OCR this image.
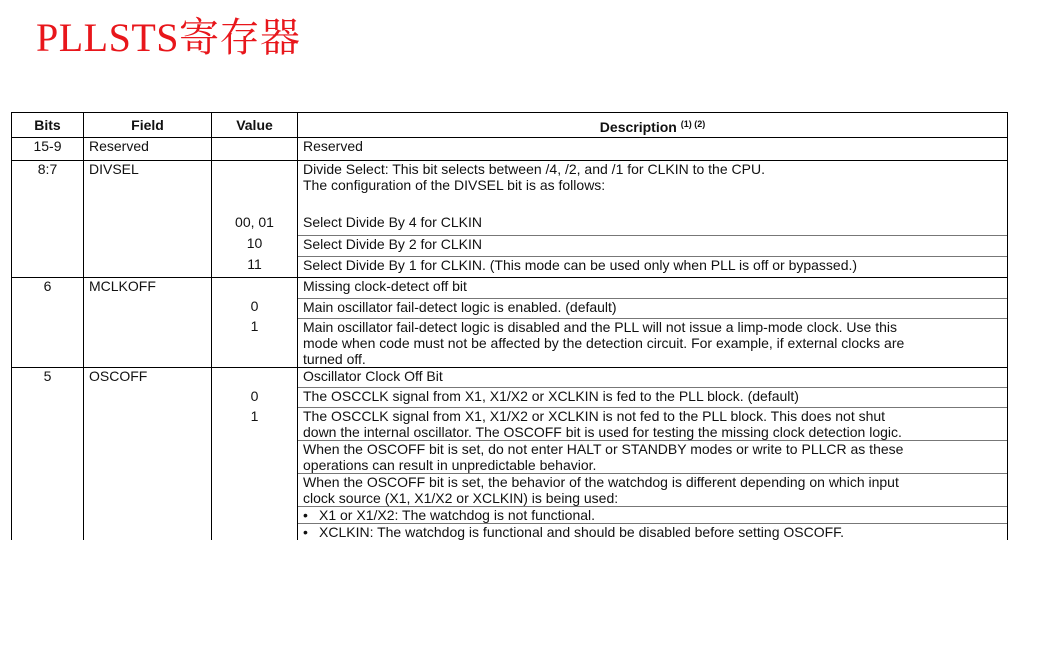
PLLSTS寄存器
Bits	Field	Value	Description $^{(1) (2)}$
15-9	Reserved		Reserved
8:7	DIVSEL		Divide Select: This bit selects between /4, /2, and /1 for CLKIN to the CPU.
The configuration of the DIVSEL bit is as follows:

		00, 01	Select Divide By 4 for CLKIN
		10	Select Divide By 2 for CLKIN
		11	Select Divide By 1 for CLKIN. (This mode can be used only when PLL is off or bypassed.)
6	MCLKOFF		Missing clock-detect off bit
		0	Main oscillator fail-detect logic is enabled. (default)
		1	Main oscillator fail-detect logic is disabled and the PLL will not issue a limp-mode clock. Use this
mode when code must not be affected by the detection circuit. For example, if external clocks are
turned off.

5	OSCOFF		Oscillator Clock Off Bit
		0	The OSCCLK signal from X1, X1/X2 or XCLKIN is fed to the PLL block. (default)
		1	The OSCCLK signal from X1, X1/X2 or XCLKIN is not fed to the PLL block. This does not shut
down the internal oscillator. The OSCOFF bit is used for testing the missing clock detection logic.

			When the OSCOFF bit is set, do not enter HALT or STANDBY modes or write to PLLCR as these
operations can result in unpredictable behavior.

			When the OSCOFF bit is set, the behavior of the watchdog is different depending on which input
clock source (X1, X1/X2 or XCLKIN) is being used:

			• X1 or X1/X2: The watchdog is not functional.
			• XCLKIN: The watchdog is functional and should be disabled before setting OSCOFF.
